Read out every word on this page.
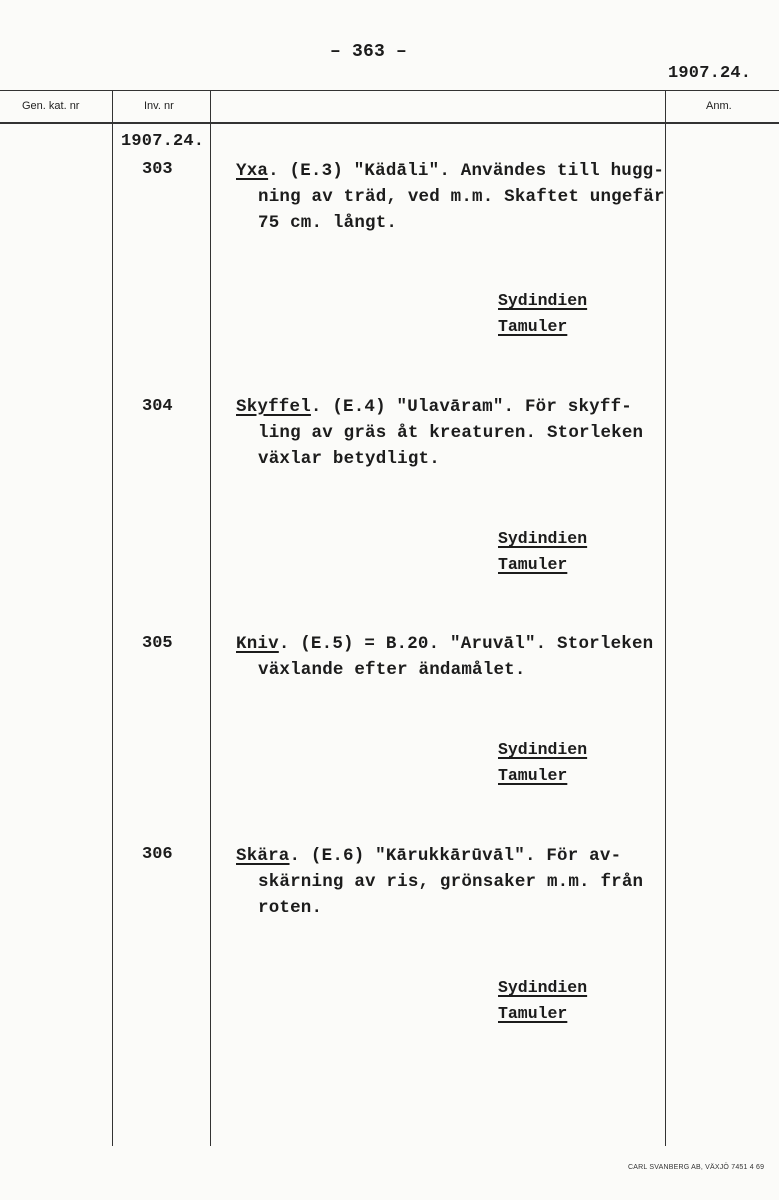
– 363 –
1907.24.
Gen. kat. nr	Inv. nr	Anm.
1907.24.
303	Yxa. (E.3) "Kädāli". Användes till hugg-
ning av träd, ved m.m. Skaftet ungefär
75 cm. långt.
Sydindien
Tamuler
304	Skyffel. (E.4) "Ulavāram". För skyff-
ling av gräs åt kreaturen. Storleken
växlar betydligt.
Sydindien
Tamuler
305	Kniv. (E.5) = B.20. "Aruvāl". Storleken
växlande efter ändamålet.
Sydindien
Tamuler
306	Skära. (E.6) "Kārukkārūvāl". För av-
skärning av ris, grönsaker m.m. från
roten.
Sydindien
Tamuler
CARL SVANBERG AB, VÄXJÖ 7451 4 69
